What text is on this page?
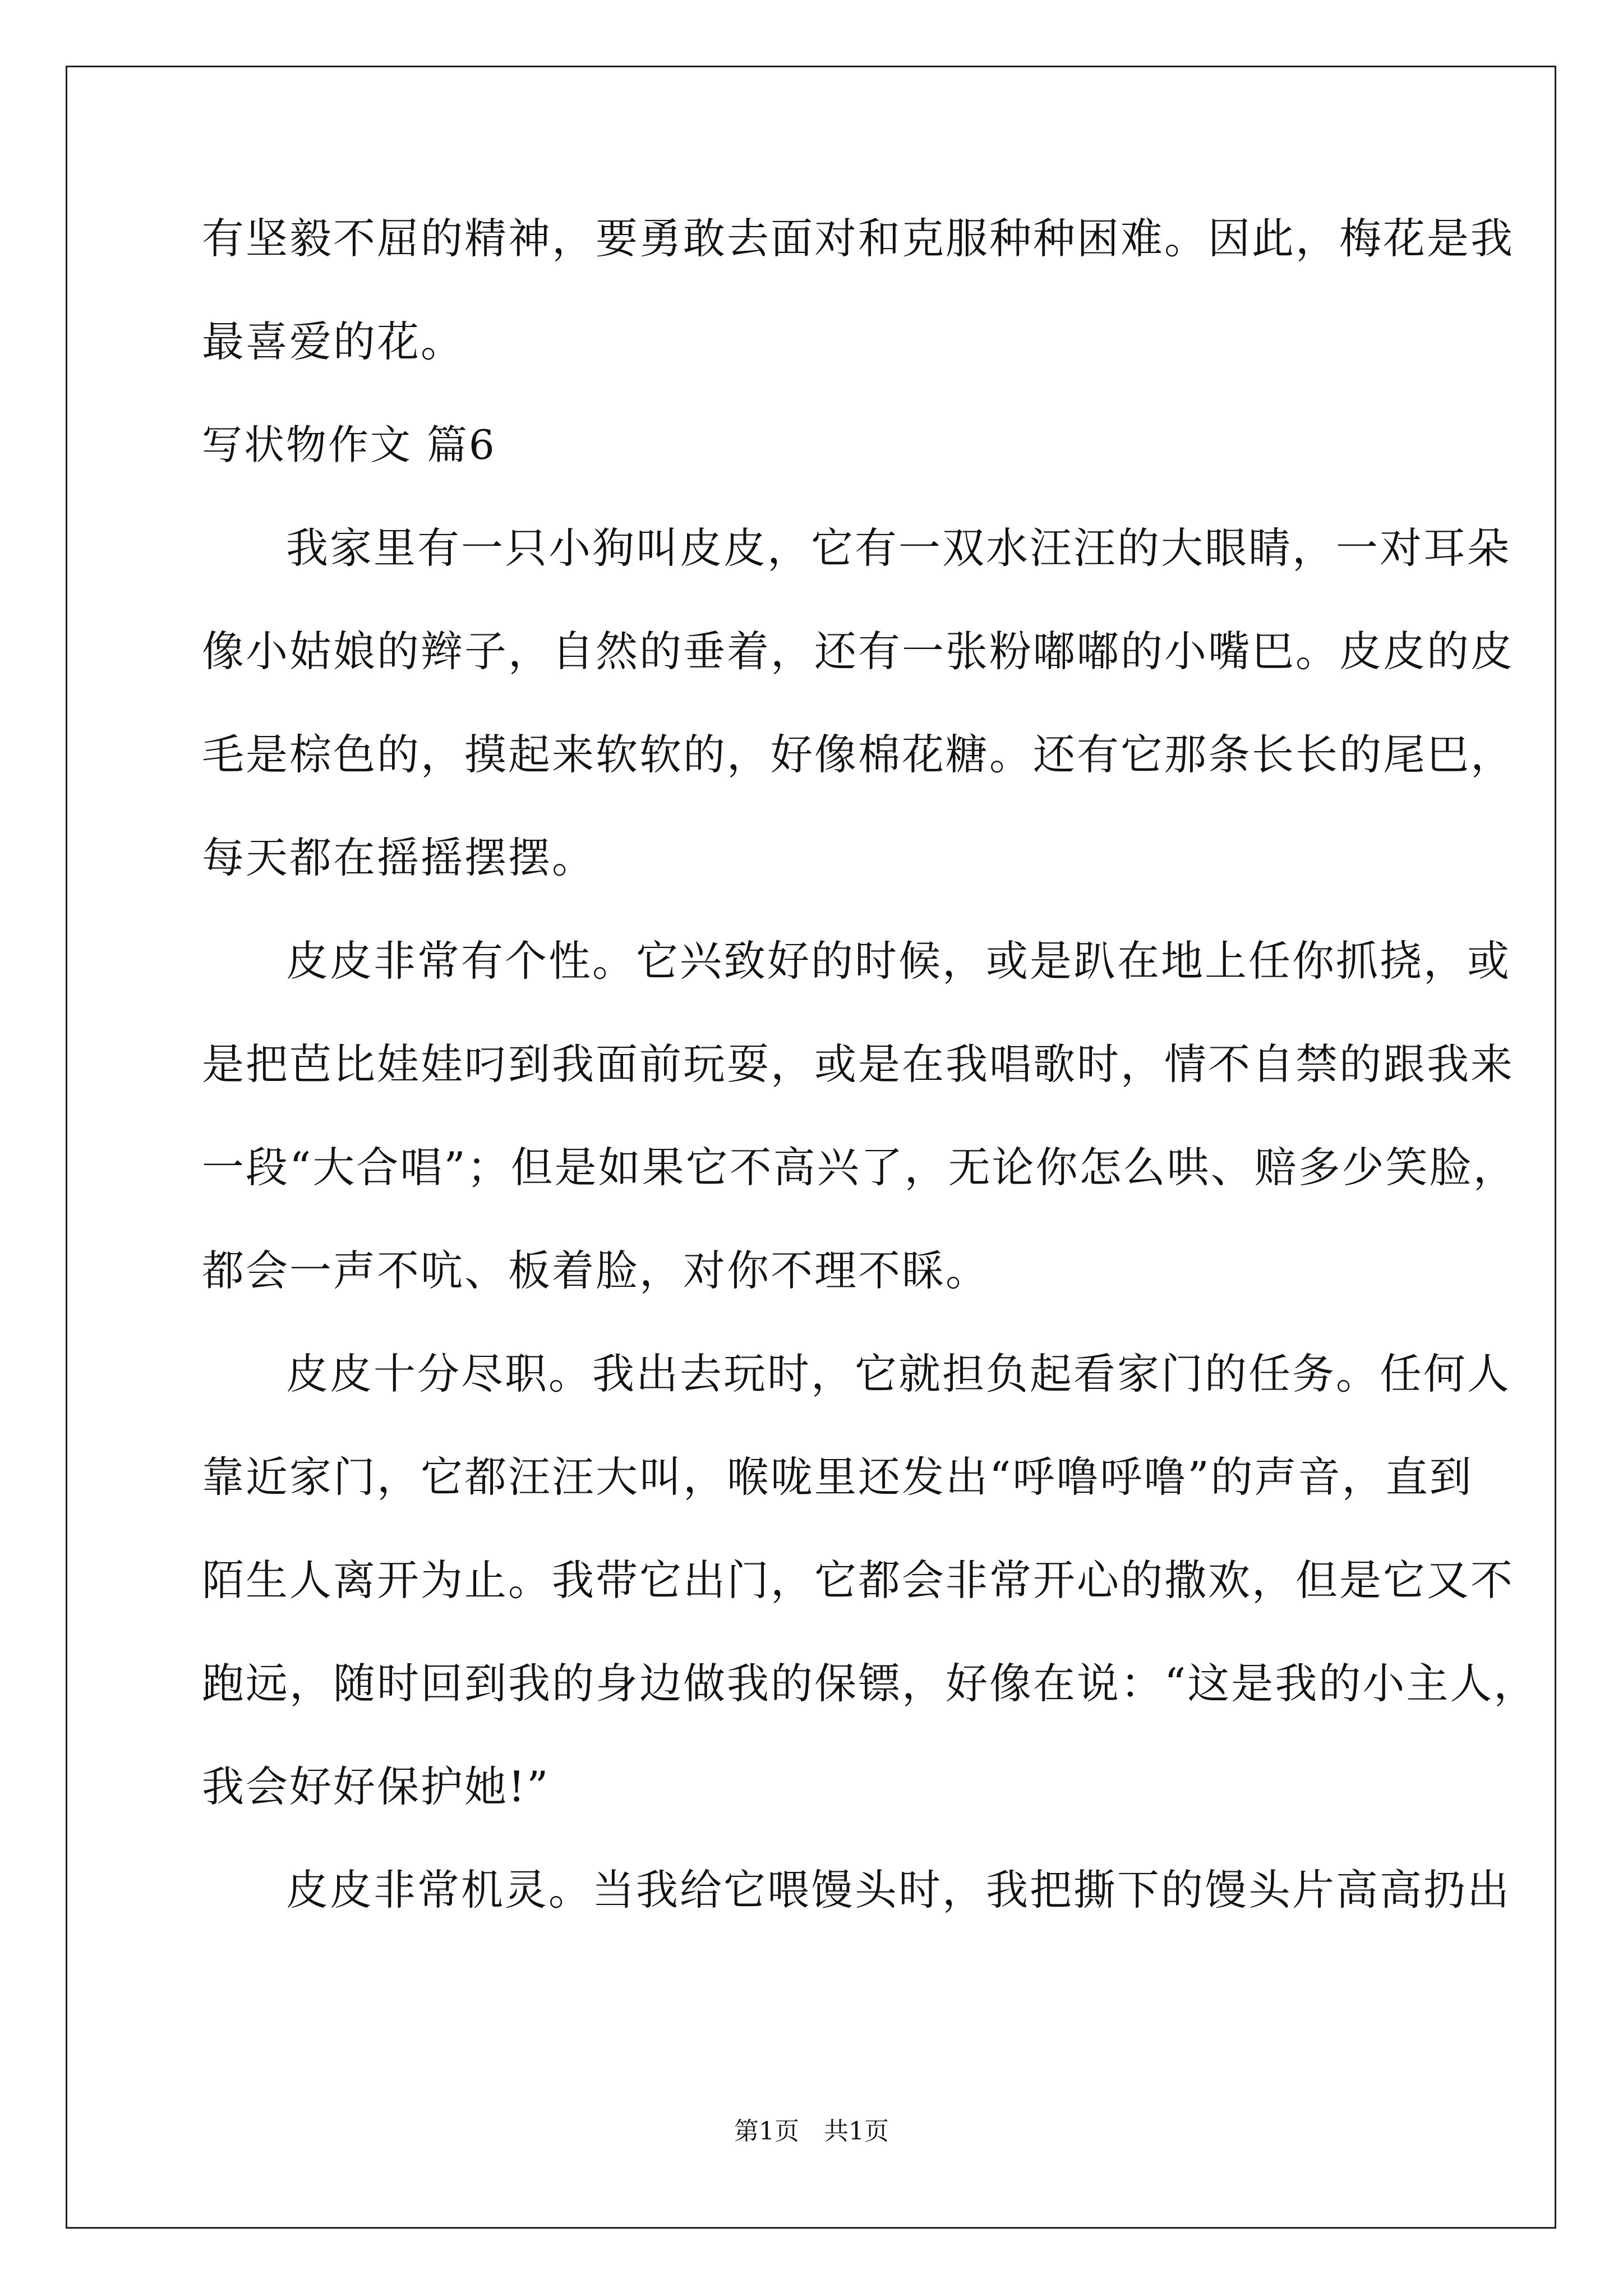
有坚毅不屈的精神，要勇敢去面对和克服种种困难。因此，梅花是我
最喜爱的花。
写状物作文 篇6
我家里有一只小狗叫皮皮，它有一双水汪汪的大眼睛，一对耳朵
像小姑娘的辫子，自然的垂着，还有一张粉嘟嘟的小嘴巴。皮皮的皮
毛是棕色的，摸起来软软的，好像棉花糖。还有它那条长长的尾巴，
每天都在摇摇摆摆。
皮皮非常有个性。它兴致好的时候，或是趴在地上任你抓挠，或
是把芭比娃娃叼到我面前玩耍，或是在我唱歌时，情不自禁的跟我来
一段“大合唱”；但是如果它不高兴了，无论你怎么哄、赔多少笑脸，
都会一声不吭、板着脸，对你不理不睬。
皮皮十分尽职。我出去玩时，它就担负起看家门的任务。任何人
靠近家门，它都汪汪大叫，喉咙里还发出“呼噜呼噜”的声音，直到
陌生人离开为止。我带它出门，它都会非常开心的撒欢，但是它又不
跑远，随时回到我的身边做我的保镖，好像在说：“这是我的小主人，
我会好好保护她!”
皮皮非常机灵。当我给它喂馒头时，我把撕下的馒头片高高扔出
第1页　共1页
